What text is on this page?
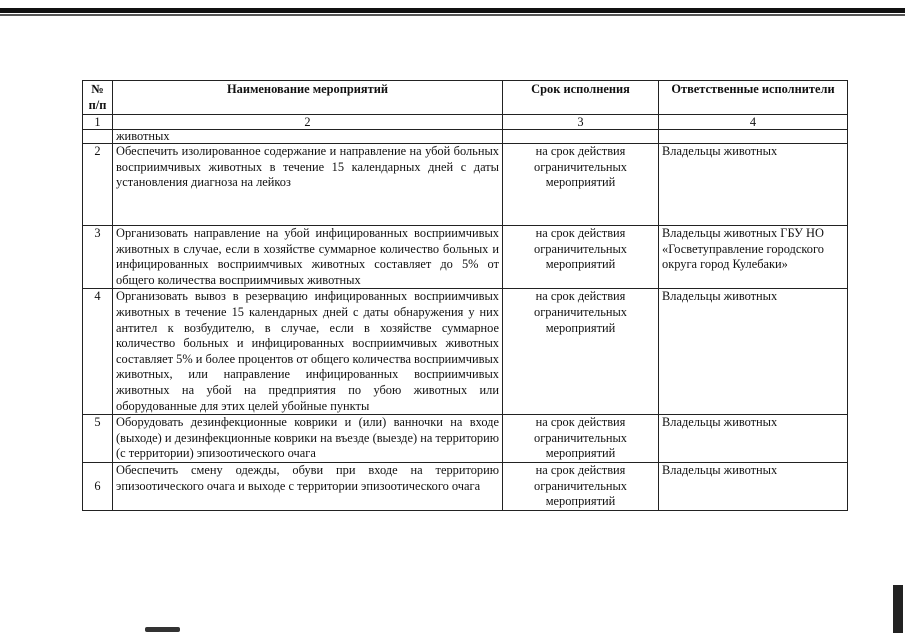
№ п/п	Наименование мероприятий	Срок исполнения	Ответственные исполнители
1	2	3	4
	животных		
2	Обеспечить изолированное содержание и направление на убой больных восприимчивых животных в течение 15 календарных дней с даты установления диагноза на лейкоз	на срок действия ограничительных мероприятий	Владельцы животных
3	Организовать направление на убой инфицированных восприимчивых животных в случае, если в хозяйстве суммарное количество больных и инфицированных восприимчивых животных составляет до 5% от общего количества восприимчивых животных	на срок действия ограничительных мероприятий	Владельцы животных ГБУ НО «Госветуправление городского округа город Кулебаки»
4	Организовать вывоз в резервацию инфицированных восприимчивых животных в течение 15 календарных дней с даты обнаружения у них антител к возбудителю, в случае, если в хозяйстве суммарное количество больных и инфицированных восприимчивых животных составляет 5% и более процентов от общего количества восприимчивых животных, или направление инфицированных восприимчивых животных на убой на предприятия по убою животных или оборудованные для этих целей убойные пункты	на срок действия ограничительных мероприятий	Владельцы животных
5	Оборудовать дезинфекционные коврики и (или) ванночки на входе (выходе) и дезинфекционные коврики на въезде (выезде) на территорию (с территории) эпизоотического очага	на срок действия ограничительных мероприятий	Владельцы животных
6	Обеспечить смену одежды, обуви при входе на территорию эпизоотического очага и выходе с территории эпизоотического очага	на срок действия ограничительных мероприятий	Владельцы животных
